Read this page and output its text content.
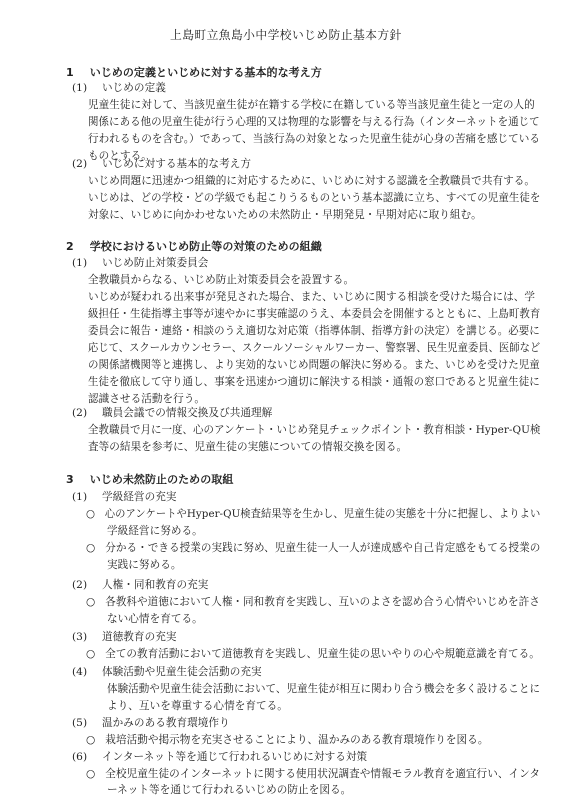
上島町立魚島小中学校いじめ防止基本方針
1 いじめの定義といじめに対する基本的な考え方
(1) いじめの定義
児童生徒に対して、当該児童生徒が在籍する学校に在籍している等当該児童生徒と一定の人的
関係にある他の児童生徒が行う心理的又は物理的な影響を与える行為（インターネットを通じて
行われるものを含む。）であって、当該行為の対象となった児童生徒が心身の苦痛を感じている
ものとする。
(2) いじめに対する基本的な考え方
いじめ問題に迅速かつ組織的に対応するために、いじめに対する認識を全教職員で共有する。
いじめは、どの学校・どの学級でも起こりうるものという基本認識に立ち、すべての児童生徒を
対象に、いじめに向かわせないための未然防止・早期発見・早期対応に取り組む。
2 学校におけるいじめ防止等の対策のための組織
(1) いじめ防止対策委員会
全教職員からなる、いじめ防止対策委員会を設置する。
いじめが疑われる出来事が発見された場合、また、いじめに関する相談を受けた場合には、学
級担任・生徒指導主事等が速やかに事実確認のうえ、本委員会を開催するとともに、上島町教育
委員会に報告・連絡・相談のうえ適切な対応策（指導体制、指導方針の決定）を講じる。必要に
応じて、スクールカウンセラー、スクールソーシャルワーカー、警察署、民生児童委員、医師など
の関係諸機関等と連携し、より実効的ないじめ問題の解決に努める。また、いじめを受けた児童
生徒を徹底して守り通し、事案を迅速かつ適切に解決する相談・通報の窓口であると児童生徒に
認識させる活動を行う。
(2) 職員会議での情報交換及び共通理解
全教職員で月に一度、心のアンケート・いじめ発見チェックポイント・教育相談・Hyper-QU検
査等の結果を参考に、児童生徒の実態についての情報交換を図る。
3 いじめ未然防止のための取組
(1) 学級経営の充実
○ 心のアンケートやHyper-QU検査結果等を生かし、児童生徒の実態を十分に把握し、よりよい
学級経営に努める。
○ 分かる・できる授業の実践に努め、児童生徒一人一人が達成感や自己肯定感をもてる授業の
実践に努める。
(2) 人権・同和教育の充実
○ 各教科や道徳において人権・同和教育を実践し、互いのよさを認め合う心情やいじめを許さ
ない心情を育てる。
(3) 道徳教育の充実
○ 全ての教育活動において道徳教育を実践し、児童生徒の思いやりの心や規範意識を育てる。
(4) 体験活動や児童生徒会活動の充実
体験活動や児童生徒会活動において、児童生徒が相互に関わり合う機会を多く設けることに
より、互いを尊重する心情を育てる。
(5) 温かみのある教育環境作り
○ 栽培活動や掲示物を充実させることにより、温かみのある教育環境作りを図る。
(6) インターネット等を通じて行われるいじめに対する対策
○ 全校児童生徒のインターネットに関する使用状況調査や情報モラル教育を適宜行い、インタ
ーネット等を通じて行われるいじめの防止を図る。
